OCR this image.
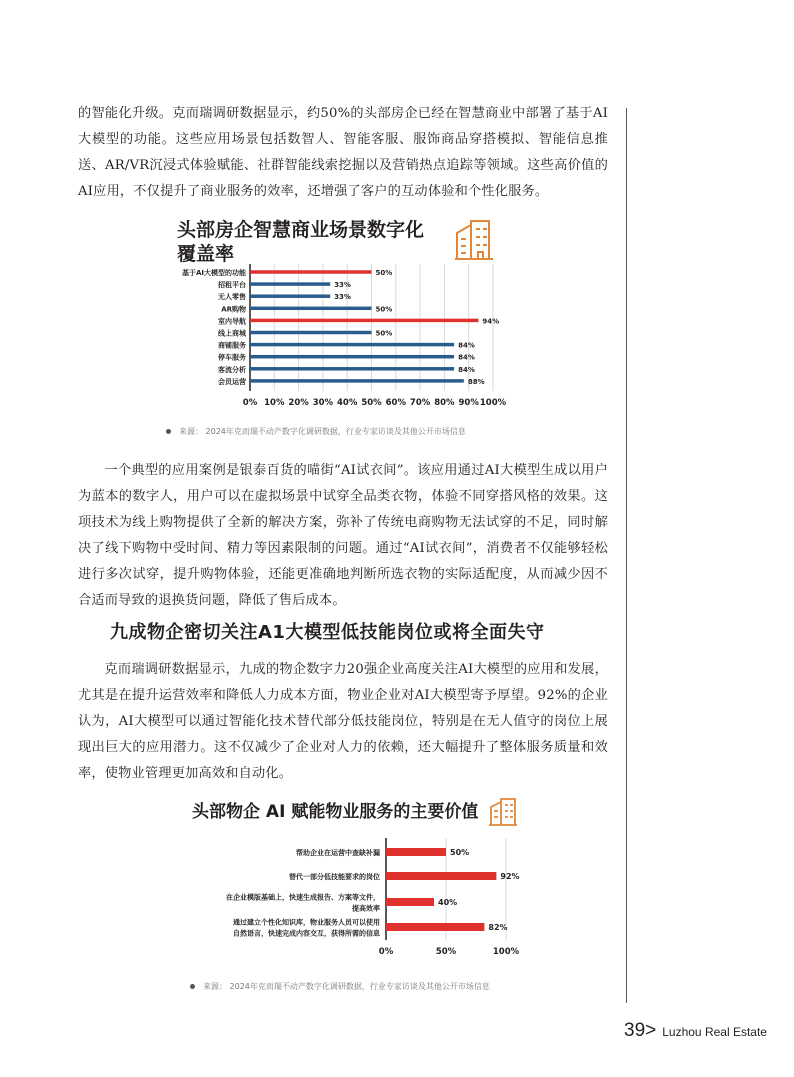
的智能化升级。克而瑞调研数据显示，约50%的头部房企已经在智慧商业中部署了基于AI大模型的功能。这些应用场景包括数智人、智能客服、服饰商品穿搭模拟、智能信息推送、AR/VR沉浸式体验赋能、社群智能线索挖掘以及营销热点追踪等领域。这些高价值的AI应用，不仅提升了商业服务的效率，还增强了客户的互动体验和个性化服务。

头部房企智慧商业场景数字化
覆盖率
0% 10% 20% 30% 40% 50% 60% 70% 80% 90% 100%
基于AI大模型的功能	50%
招租平台	33%
无人零售	33%
AR购物	50%
室内导航	94%
线上商城	50%
商铺服务	84%
停车服务	84%
客流分析	84%
会员运营	88%
来源： 2024年克而瑞不动产数字化调研数据，行业专家访谈及其他公开市场信息

一个典型的应用案例是银泰百货的喵街“AI试衣间”。该应用通过AI大模型生成以用户为蓝本的数字人，用户可以在虚拟场景中试穿全品类衣物，体验不同穿搭风格的效果。这项技术为线上购物提供了全新的解决方案，弥补了传统电商购物无法试穿的不足，同时解决了线下购物中受时间、精力等因素限制的问题。通过“AI试衣间”，消费者不仅能够轻松进行多次试穿，提升购物体验，还能更准确地判断所选衣物的实际适配度，从而减少因不合适而导致的退换货问题，降低了售后成本。

九成物企密切关注A1大模型低技能岗位或将全面失守

克而瑞调研数据显示，九成的物企数字力20强企业高度关注AI大模型的应用和发展，尤其是在提升运营效率和降低人力成本方面，物业企业对AI大模型寄予厚望。92%的企业认为，AI大模型可以通过智能化技术替代部分低技能岗位，特别是在无人值守的岗位上展现出巨大的应用潜力。这不仅减少了企业对人力的依赖，还大幅提升了整体服务质量和效率，使物业管理更加高效和自动化。

头部物企 AI 赋能物业服务的主要价值
0%	50%	100%
帮助企业在运营中查缺补漏	50%
替代一部分低技能要求的岗位	92%
在企业模版基础上，快速生成报告、方案等文件，
提高效率
40%
通过建立个性化知识库，物业服务人员可以使用
自然语言，快速完成内容交互，获得所需的信息
82%
来源： 2024年克而瑞不动产数字化调研数据，行业专家访谈及其他公开市场信息
39> Luzhou Real Estate
